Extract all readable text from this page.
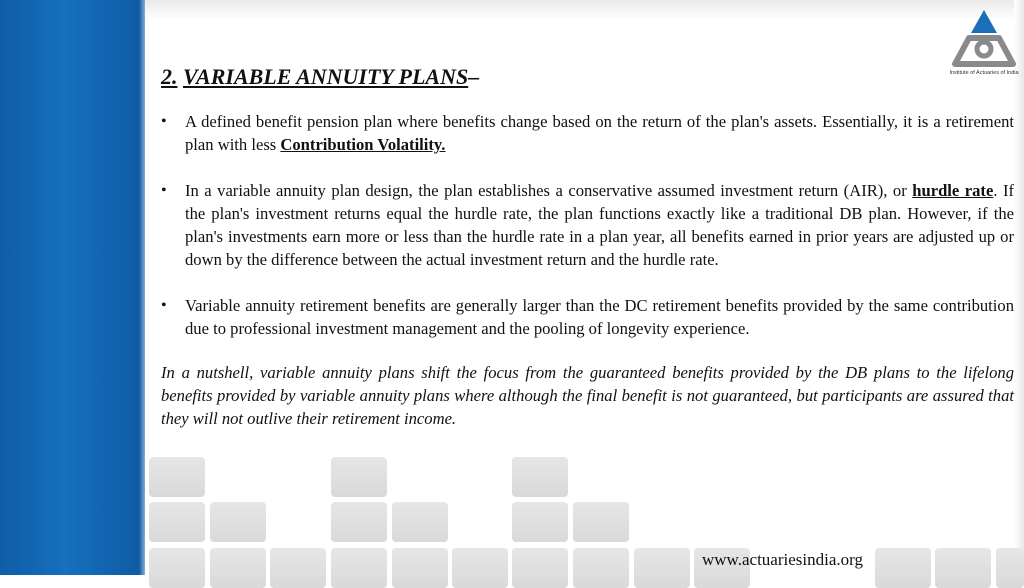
Institute of Actuaries of India
2. VARIABLE ANNUITY PLANS–
• A defined benefit pension plan where benefits change based on the return of the plan's assets. Essentially, it is a retirement plan with less Contribution Volatility.
• In a variable annuity plan design, the plan establishes a conservative assumed investment return (AIR), or hurdle rate. If the plan's investment returns equal the hurdle rate, the plan functions exactly like a traditional DB plan. However, if the plan's investments earn more or less than the hurdle rate in a plan year, all benefits earned in prior years are adjusted up or down by the difference between the actual investment return and the hurdle rate.
• Variable annuity retirement benefits are generally larger than the DC retirement benefits provided by the same contribution due to professional investment management and the pooling of longevity experience.

In a nutshell, variable annuity plans shift the focus from the guaranteed benefits provided by the DB plans to the lifelong benefits provided by variable annuity plans where although the final benefit is not guaranteed, but participants are assured that they will not outlive their retirement income.

www.actuariesindia.org
